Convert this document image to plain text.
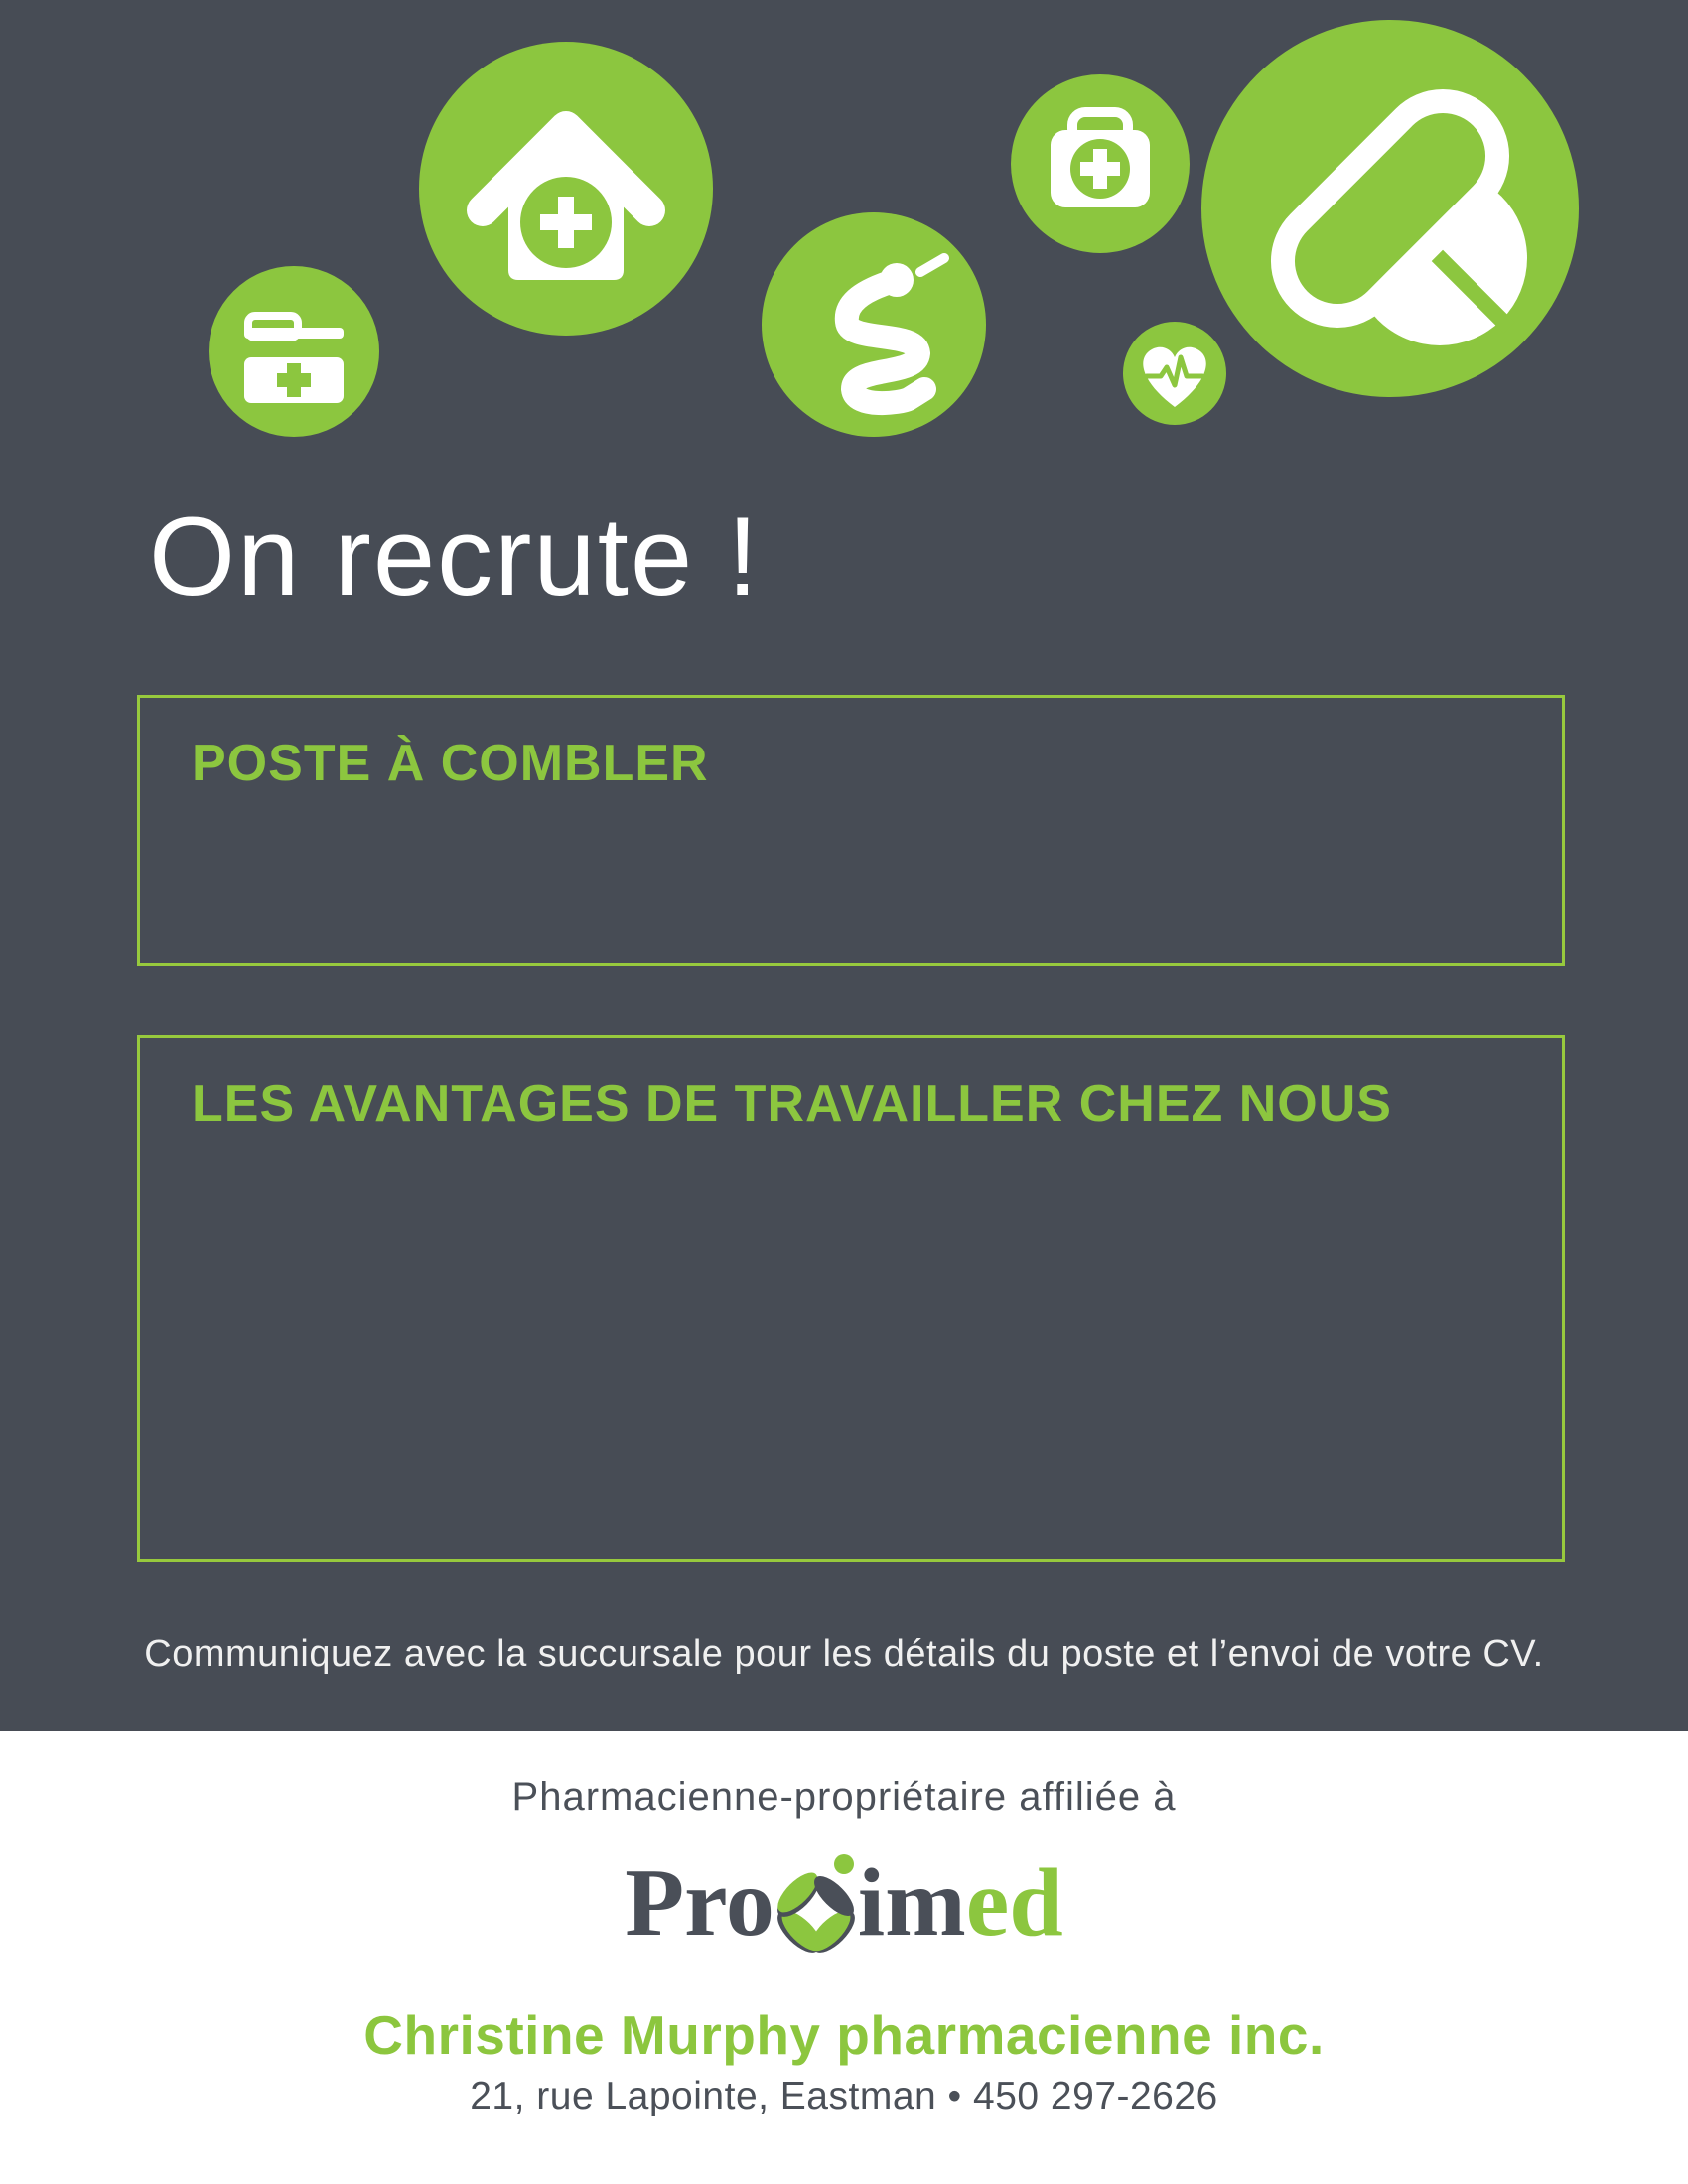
On recrute !
POSTE À COMBLER
LES AVANTAGES DE TRAVAILLER CHEZ NOUS
Communiquez avec la succursale pour les détails du poste et l’envoi de votre CV.
Pharmacienne-propriétaire affiliée à
Pro im ed
Christine Murphy pharmacienne inc.
21, rue Lapointe, Eastman • 450 297-2626
